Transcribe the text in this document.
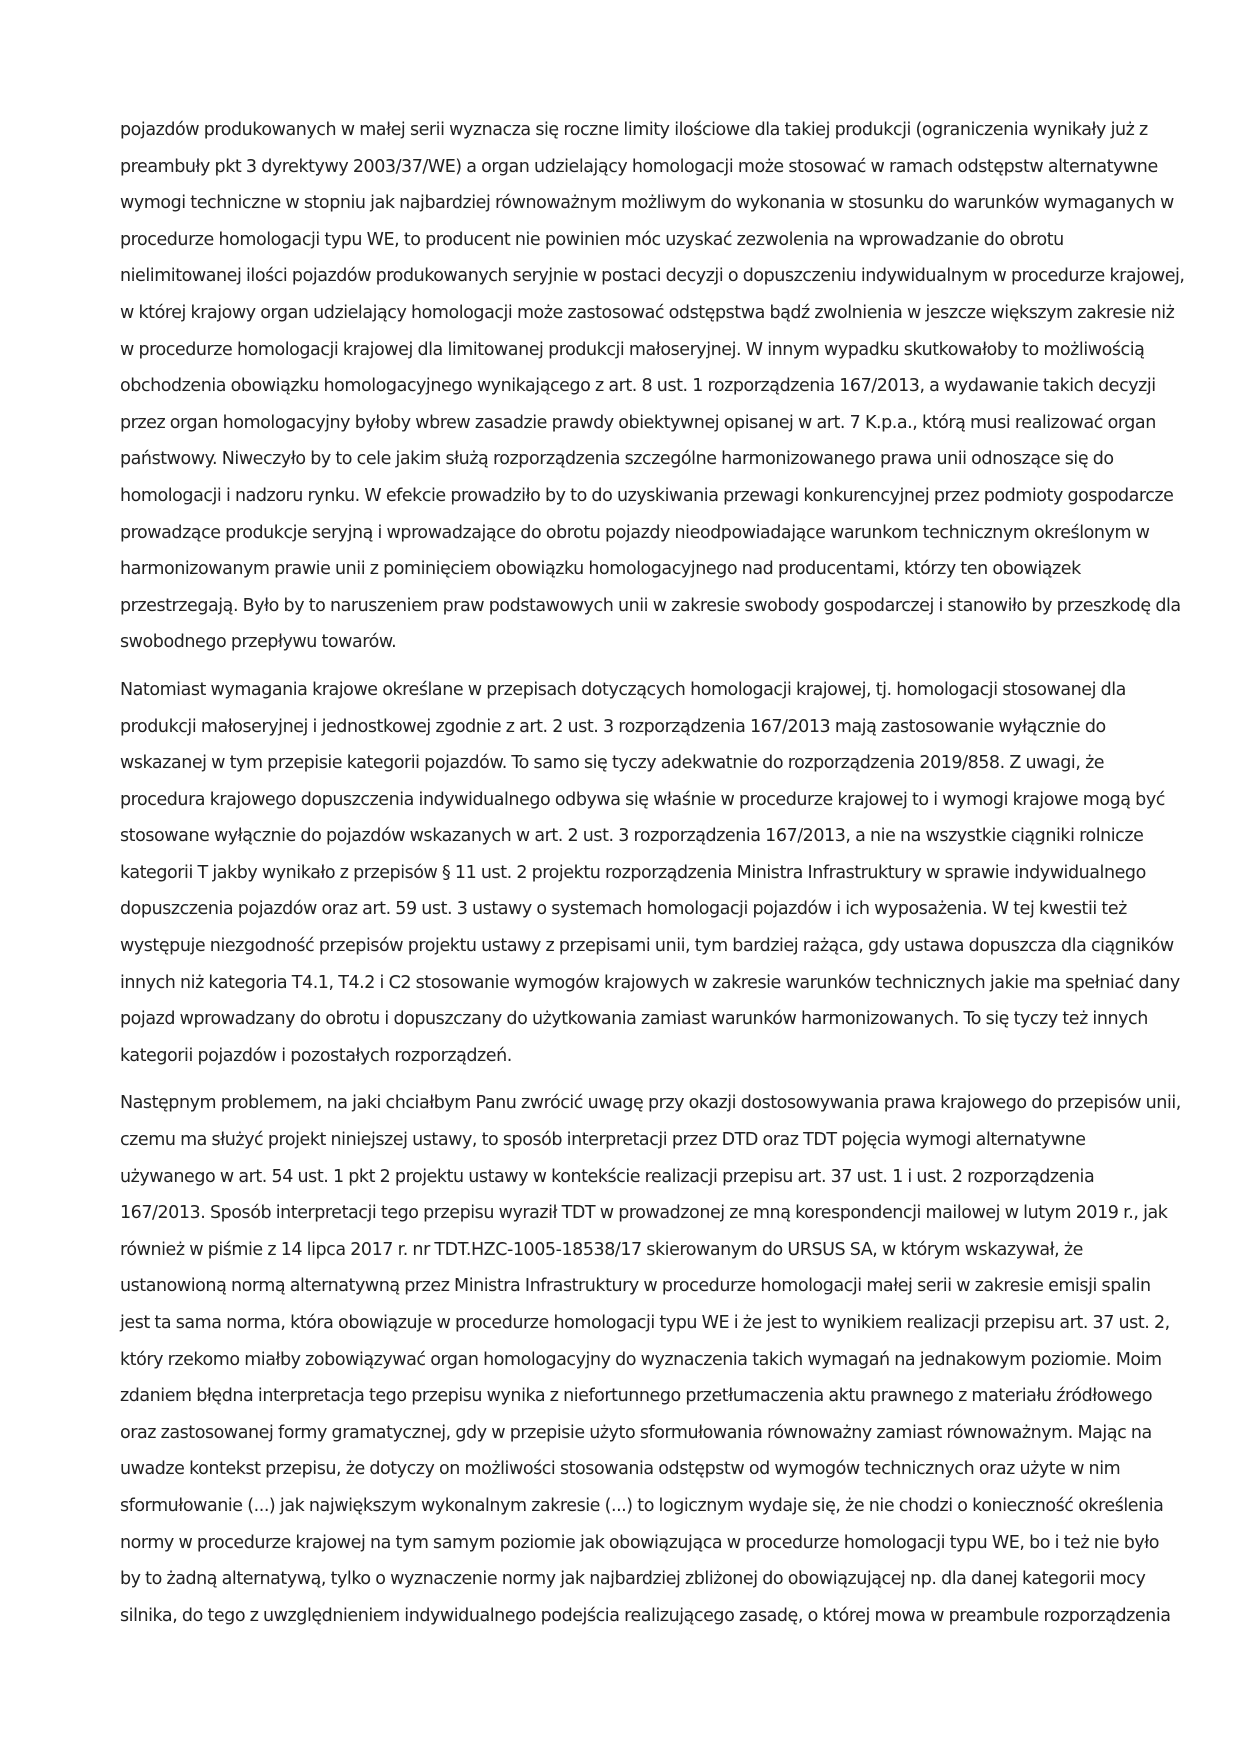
pojazdów produkowanych w małej serii wyznacza się roczne limity ilościowe dla takiej produkcji (ograniczenia wynikały już z
preambuły pkt 3 dyrektywy 2003/37/WE) a organ udzielający homologacji może stosować w ramach odstępstw alternatywne
wymogi techniczne w stopniu jak najbardziej równoważnym możliwym do wykonania w stosunku do warunków wymaganych w
procedurze homologacji typu WE, to producent nie powinien móc uzyskać zezwolenia na wprowadzanie do obrotu
nielimitowanej ilości pojazdów produkowanych seryjnie w postaci decyzji o dopuszczeniu indywidualnym w procedurze krajowej,
w której krajowy organ udzielający homologacji może zastosować odstępstwa bądź zwolnienia w jeszcze większym zakresie niż
w procedurze homologacji krajowej dla limitowanej produkcji małoseryjnej. W innym wypadku skutkowałoby to możliwością
obchodzenia obowiązku homologacyjnego wynikającego z art. 8 ust. 1 rozporządzenia 167/2013, a wydawanie takich decyzji
przez organ homologacyjny byłoby wbrew zasadzie prawdy obiektywnej opisanej w art. 7 K.p.a., którą musi realizować organ
państwowy. Niweczyło by to cele jakim służą rozporządzenia szczególne harmonizowanego prawa unii odnoszące się do
homologacji i nadzoru rynku. W efekcie prowadziło by to do uzyskiwania przewagi konkurencyjnej przez podmioty gospodarcze
prowadzące produkcje seryjną i wprowadzające do obrotu pojazdy nieodpowiadające warunkom technicznym określonym w
harmonizowanym prawie unii z pominięciem obowiązku homologacyjnego nad producentami, którzy ten obowiązek
przestrzegają. Było by to naruszeniem praw podstawowych unii w zakresie swobody gospodarczej i stanowiło by przeszkodę dla
swobodnego przepływu towarów.
Natomiast wymagania krajowe określane w przepisach dotyczących homologacji krajowej, tj. homologacji stosowanej dla
produkcji małoseryjnej i jednostkowej zgodnie z art. 2 ust. 3 rozporządzenia 167/2013 mają zastosowanie wyłącznie do
wskazanej w tym przepisie kategorii pojazdów. To samo się tyczy adekwatnie do rozporządzenia 2019/858. Z uwagi, że
procedura krajowego dopuszczenia indywidualnego odbywa się właśnie w procedurze krajowej to i wymogi krajowe mogą być
stosowane wyłącznie do pojazdów wskazanych w art. 2 ust. 3 rozporządzenia 167/2013, a nie na wszystkie ciągniki rolnicze
kategorii T jakby wynikało z przepisów § 11 ust. 2 projektu rozporządzenia Ministra Infrastruktury w sprawie indywidualnego
dopuszczenia pojazdów oraz art. 59 ust. 3 ustawy o systemach homologacji pojazdów i ich wyposażenia. W tej kwestii też
występuje niezgodność przepisów projektu ustawy z przepisami unii, tym bardziej rażąca, gdy ustawa dopuszcza dla ciągników
innych niż kategoria T4.1, T4.2 i C2 stosowanie wymogów krajowych w zakresie warunków technicznych jakie ma spełniać dany
pojazd wprowadzany do obrotu i dopuszczany do użytkowania zamiast warunków harmonizowanych. To się tyczy też innych
kategorii pojazdów i pozostałych rozporządzeń.
Następnym problemem, na jaki chciałbym Panu zwrócić uwagę przy okazji dostosowywania prawa krajowego do przepisów unii,
czemu ma służyć projekt niniejszej ustawy, to sposób interpretacji przez DTD oraz TDT pojęcia wymogi alternatywne
używanego w art. 54 ust. 1 pkt 2 projektu ustawy w kontekście realizacji przepisu art. 37 ust. 1 i ust. 2 rozporządzenia
167/2013. Sposób interpretacji tego przepisu wyraził TDT w prowadzonej ze mną korespondencji mailowej w lutym 2019 r., jak
również w piśmie z 14 lipca 2017 r. nr TDT.HZC-1005-18538/17 skierowanym do URSUS SA, w którym wskazywał, że
ustanowioną normą alternatywną przez Ministra Infrastruktury w procedurze homologacji małej serii w zakresie emisji spalin
jest ta sama norma, która obowiązuje w procedurze homologacji typu WE i że jest to wynikiem realizacji przepisu art. 37 ust. 2,
który rzekomo miałby zobowiązywać organ homologacyjny do wyznaczenia takich wymagań na jednakowym poziomie. Moim
zdaniem błędna interpretacja tego przepisu wynika z niefortunnego przetłumaczenia aktu prawnego z materiału źródłowego
oraz zastosowanej formy gramatycznej, gdy w przepisie użyto sformułowania równoważny zamiast równoważnym. Mając na
uwadze kontekst przepisu, że dotyczy on możliwości stosowania odstępstw od wymogów technicznych oraz użyte w nim
sformułowanie (...) jak największym wykonalnym zakresie (...) to logicznym wydaje się, że nie chodzi o konieczność określenia
normy w procedurze krajowej na tym samym poziomie jak obowiązująca w procedurze homologacji typu WE, bo i też nie było
by to żadną alternatywą, tylko o wyznaczenie normy jak najbardziej zbliżonej do obowiązującej np. dla danej kategorii mocy
silnika, do tego z uwzględnieniem indywidualnego podejścia realizującego zasadę, o której mowa w preambule rozporządzenia
